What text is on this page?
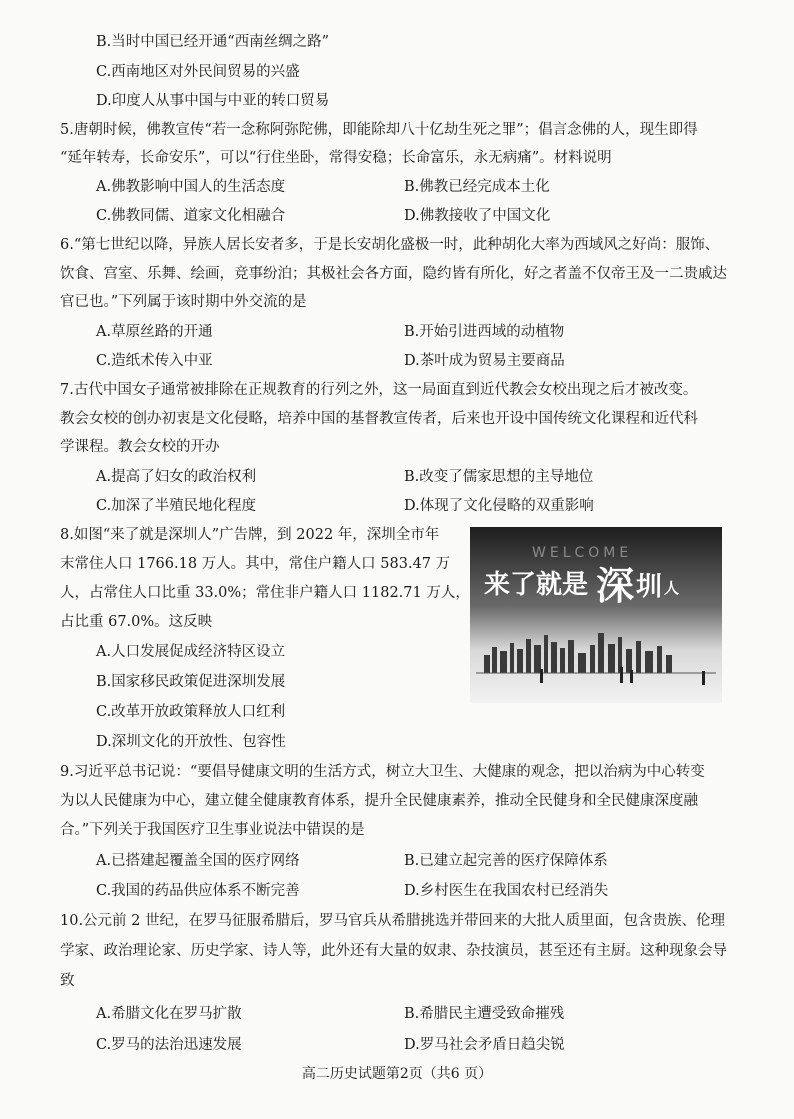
B.当时中国已经开通“西南丝绸之路”
C.西南地区对外民间贸易的兴盛
D.印度人从事中国与中亚的转口贸易
5.唐朝时候，佛教宣传“若一念称阿弥陀佛，即能除却八十亿劫生死之罪”；倡言念佛的人，现生即得
“延年转寿，长命安乐”，可以“行住坐卧，常得安稳；长命富乐，永无病痛”。材料说明
A.佛教影响中国人的生活态度	B.佛教已经完成本土化
C.佛教同儒、道家文化相融合	D.佛教接收了中国文化
6.“第七世纪以降，异族人居长安者多，于是长安胡化盛极一时，此种胡化大率为西域风之好尚：服饰、
饮食、宫室、乐舞、绘画，竞事纷泊；其极社会各方面，隐约皆有所化，好之者盖不仅帝王及一二贵戚达
官已也。”下列属于该时期中外交流的是
A.草原丝路的开通	B.开始引进西域的动植物
C.造纸术传入中亚	D.茶叶成为贸易主要商品
7.古代中国女子通常被排除在正规教育的行列之外，这一局面直到近代教会女校出现之后才被改变。
教会女校的创办初衷是文化侵略，培养中国的基督教宣传者，后来也开设中国传统文化课程和近代科
学课程。教会女校的开办
A.提高了妇女的政治权利	B.改变了儒家思想的主导地位
C.加深了半殖民地化程度	D.体现了文化侵略的双重影响
8.如图“来了就是深圳人”广告牌，到 2022 年，深圳全市年
末常住人口 1766.18 万人。其中，常住户籍人口 583.47 万
人，占常住人口比重 33.0%；常住非户籍人口 1182.71 万人，
占比重 67.0%。这反映
A.人口发展促成经济特区设立
B.国家移民政策促进深圳发展
C.改革开放政策释放人口红利
D.深圳文化的开放性、包容性
WELCOME
来了就是 深 圳 人
9.习近平总书记说：“要倡导健康文明的生活方式，树立大卫生、大健康的观念，把以治病为中心转变
为以人民健康为中心，建立健全健康教育体系，提升全民健康素养，推动全民健身和全民健康深度融
合。”下列关于我国医疗卫生事业说法中错误的是
A.已搭建起覆盖全国的医疗网络	B.已建立起完善的医疗保障体系
C.我国的药品供应体系不断完善	D.乡村医生在我国农村已经消失
10.公元前 2 世纪，在罗马征服希腊后，罗马官兵从希腊挑选并带回来的大批人质里面，包含贵族、伦理
学家、政治理论家、历史学家、诗人等，此外还有大量的奴隶、杂技演员，甚至还有主厨。这种现象会导
致
A.希腊文化在罗马扩散	B.希腊民主遭受致命摧残
C.罗马的法治迅速发展	D.罗马社会矛盾日趋尖锐
高二历史试题第2页（共6 页）
